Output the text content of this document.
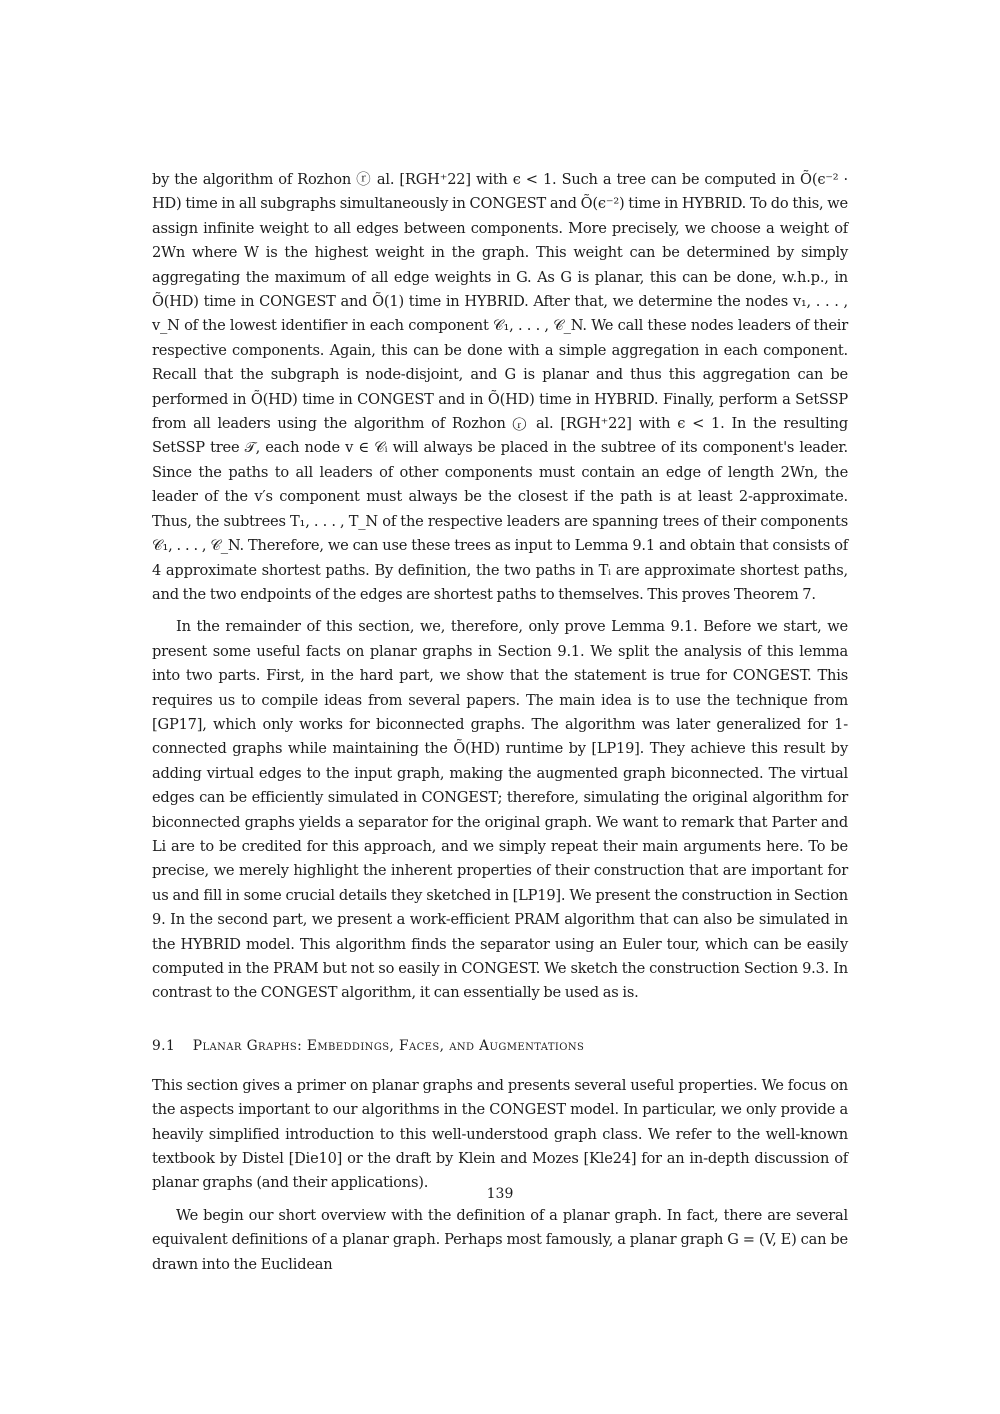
by the algorithm of Rozhon ⓡ al. [RGH⁺22] with ϵ < 1. Such a tree can be computed in Õ(ϵ⁻² · HD) time in all subgraphs simultaneously in CONGEST and Õ(ϵ⁻²) time in HYBRID. To do this, we assign infinite weight to all edges between components. More precisely, we choose a weight of 2Wn where W is the highest weight in the graph. This weight can be determined by simply aggregating the maximum of all edge weights in G. As G is planar, this can be done, w.h.p., in Õ(HD) time in CONGEST and Õ(1) time in HYBRID. After that, we determine the nodes v₁, . . . , v_N of the lowest identifier in each component 𝒞₁, . . . , 𝒞_N. We call these nodes leaders of their respective components. Again, this can be done with a simple aggregation in each component. Recall that the subgraph is node-disjoint, and G is planar and thus this aggregation can be performed in Õ(HD) time in CONGEST and in Õ(HD) time in HYBRID. Finally, perform a SetSSP from all leaders using the algorithm of Rozhon ⓡ al. [RGH⁺22] with ϵ < 1. In the resulting SetSSP tree 𝒯, each node v ∈ 𝒞ᵢ will always be placed in the subtree of its component's leader. Since the paths to all leaders of other components must contain an edge of length 2Wn, the leader of the v′s component must always be the closest if the path is at least 2-approximate. Thus, the subtrees T₁, . . . , T_N of the respective leaders are spanning trees of their components 𝒞₁, . . . , 𝒞_N. Therefore, we can use these trees as input to Lemma 9.1 and obtain that consists of 4 approximate shortest paths. By definition, the two paths in Tᵢ are approximate shortest paths, and the two endpoints of the edges are shortest paths to themselves. This proves Theorem 7.

In the remainder of this section, we, therefore, only prove Lemma 9.1. Before we start, we present some useful facts on planar graphs in Section 9.1. We split the analysis of this lemma into two parts. First, in the hard part, we show that the statement is true for CONGEST. This requires us to compile ideas from several papers. The main idea is to use the technique from [GP17], which only works for biconnected graphs. The algorithm was later generalized for 1-connected graphs while maintaining the Õ(HD) runtime by [LP19]. They achieve this result by adding virtual edges to the input graph, making the augmented graph biconnected. The virtual edges can be efficiently simulated in CONGEST; therefore, simulating the original algorithm for biconnected graphs yields a separator for the original graph. We want to remark that Parter and Li are to be credited for this approach, and we simply repeat their main arguments here. To be precise, we merely highlight the inherent properties of their construction that are important for us and fill in some crucial details they sketched in [LP19]. We present the construction in Section 9. In the second part, we present a work-efficient PRAM algorithm that can also be simulated in the HYBRID model. This algorithm finds the separator using an Euler tour, which can be easily computed in the PRAM but not so easily in CONGEST. We sketch the construction Section 9.3. In contrast to the CONGEST algorithm, it can essentially be used as is.

9.1 Planar Graphs: Embeddings, Faces, and Augmentations

This section gives a primer on planar graphs and presents several useful properties. We focus on the aspects important to our algorithms in the CONGEST model. In particular, we only provide a heavily simplified introduction to this well-understood graph class. We refer to the well-known textbook by Distel [Die10] or the draft by Klein and Mozes [Kle24] for an in-depth discussion of planar graphs (and their applications).

We begin our short overview with the definition of a planar graph. In fact, there are several equivalent definitions of a planar graph. Perhaps most famously, a planar graph G = (V, E) can be drawn into the Euclidean

139
